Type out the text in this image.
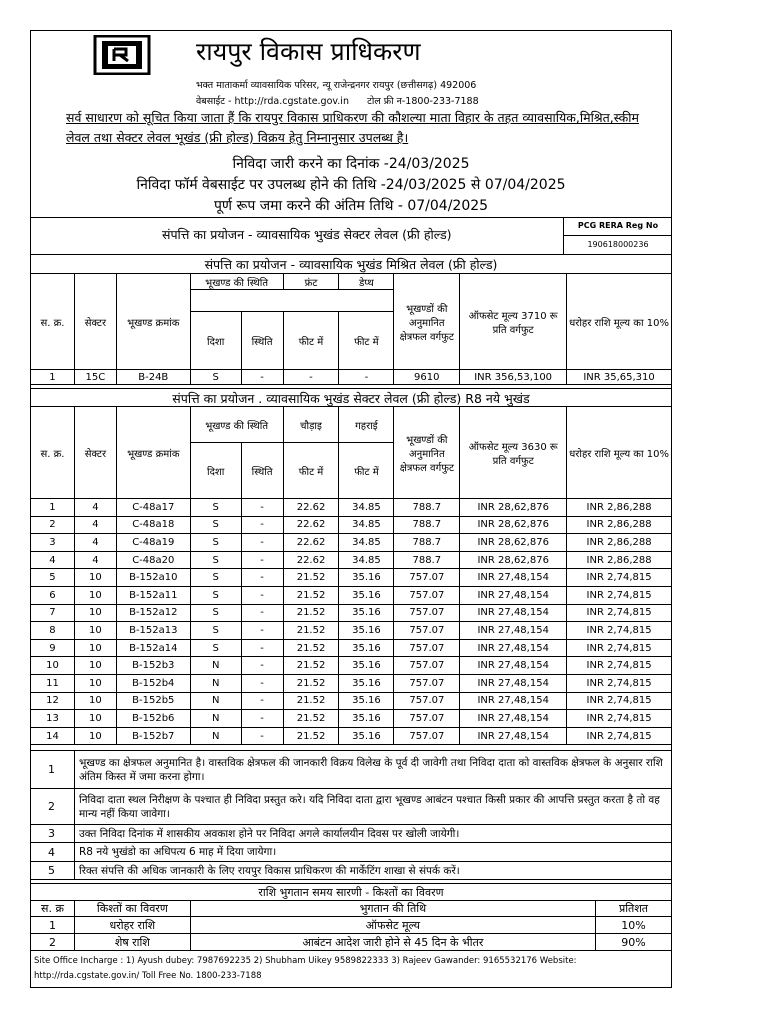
रायपुर विकास प्राधिकरण
भक्त माताकर्मा व्यावसायिक परिसर, न्यू राजेन्द्रनगर रायपुर (छत्तीसगढ़) 492006
वेबसाईट - http://rda.cgstate.gov.in टोल फ्री न-1800-233-7188
सर्व साधारण को सूचित किया जाता हैं कि रायपुर विकास प्राधिकरण की कौशल्या माता विहार के तहत व्यावसायिक,मिश्रित,स्कीम लेवल तथा सेक्टर लेवल भूखंड (फ्री होल्ड) विक्रय हेतु निम्नानुसार उपलब्ध है।
निविदा जारी करने का दिनांक -24/03/2025
निविदा फॉर्म वेबसाईट पर उपलब्ध होने की तिथि -24/03/2025 से 07/04/2025
पूर्ण रूप जमा करने की अंतिम तिथि - 07/04/2025
संपत्ति का प्रयोजन - व्यावसायिक भुखंड सेक्टर लेवल (फ्री होल्ड)
PCG RERA Reg No
190618000236
संपत्ति का प्रयोजन - व्यावसायिक भुखंड मिश्रित लेवल (फ्री होल्ड)
स. क्र.	सेक्टर	भूखण्ड क्रमांक	भूखण्ड की स्थिति		फ्रंट	डेप्थ	भूखण्डों की अनुमानित क्षेत्रफल वर्गफुट	ऑफसेट मूल्य 3710 रू प्रति वर्गफुट	धरोहर राशि मूल्य का 10%

			दिशा	स्थिति	फीट में	फीट में			
1	15C	B-24B	S	-	-	-	9610	INR 356,53,100	INR 35,65,310
संपत्ति का प्रयोजन . व्यावसायिक भुखंड सेक्टर लेवल (फ्री होल्ड) R8 नये भुखंड
स. क्र.	सेक्टर	भूखण्ड क्रमांक	भूखण्ड की स्थिति		चौड़ाइ	गहराई	भूखण्डों की अनुमानित क्षेत्रफल वर्गफुट	ऑफसेट मूल्य 3630 रू प्रति वर्गफुट	धरोहर राशि मूल्य का 10%
			दिशा	स्थिति	फीट में	फीट में			
1	4	C-48a17	S	-	22.62	34.85	788.7	INR 28,62,876	INR 2,86,288
2	4	C-48a18	S	-	22.62	34.85	788.7	INR 28,62,876	INR 2,86,288
3	4	C-48a19	S	-	22.62	34.85	788.7	INR 28,62,876	INR 2,86,288
4	4	C-48a20	S	-	22.62	34.85	788.7	INR 28,62,876	INR 2,86,288
5	10	B-152a10	S	-	21.52	35.16	757.07	INR 27,48,154	INR 2,74,815
6	10	B-152a11	S	-	21.52	35.16	757.07	INR 27,48,154	INR 2,74,815
7	10	B-152a12	S	-	21.52	35.16	757.07	INR 27,48,154	INR 2,74,815
8	10	B-152a13	S	-	21.52	35.16	757.07	INR 27,48,154	INR 2,74,815
9	10	B-152a14	S	-	21.52	35.16	757.07	INR 27,48,154	INR 2,74,815
10	10	B-152b3	N	-	21.52	35.16	757.07	INR 27,48,154	INR 2,74,815
11	10	B-152b4	N	-	21.52	35.16	757.07	INR 27,48,154	INR 2,74,815
12	10	B-152b5	N	-	21.52	35.16	757.07	INR 27,48,154	INR 2,74,815
13	10	B-152b6	N	-	21.52	35.16	757.07	INR 27,48,154	INR 2,74,815
14	10	B-152b7	N	-	21.52	35.16	757.07	INR 27,48,154	INR 2,74,815
1	भूखण्ड का क्षेत्रफल अनुमानित है। वास्तविक क्षेत्रफल की जानकारी विक्रय विलेख के पूर्व दी जावेगी तथा निविदा दाता को वास्तविक क्षेत्रफल के अनुसार राशि अंतिम किस्त में जमा करना होगा।
2	निविदा दाता स्थल निरीक्षण के पश्चात ही निविदा प्रस्तुत करे। यदि निविदा दाता द्वारा भूखण्ड आबंटन पश्चात किसी प्रकार की आपत्ति प्रस्तुत करता है तो वह मान्य नहीं किया जावेगा।
3	उक्त निविदा दिनांक में शासकीय अवकाश होने पर निविदा अगले कार्यालयीन दिवस पर खोली जायेगी।
4	R8 नये भुखंडो का अधिपत्य 6 माह में दिया जायेगा।
5	रिक्त संपत्ति की अधिक जानकारी के लिए रायपुर विकास प्राधिकरण की मार्केटिंग शाखा से संपर्क करें।
राशि भुगतान समय सारणी - किश्तों का विवरण			
स. क्र	किश्तों का विवरण	भुगतान की तिथि	प्रतिशत
1	धरोहर राशि	ऑफसेट मूल्य	10%
2	शेष राशि	आबंटन आदेश जारी होने से 45 दिन के भीतर	90%
Site Office Incharge : 1) Ayush dubey: 7987692235 2) Shubham Uikey 9589822333 3) Rajeev Gawander: 9165532176 Website:
http://rda.cgstate.gov.in/ Toll Free No. 1800-233-7188
